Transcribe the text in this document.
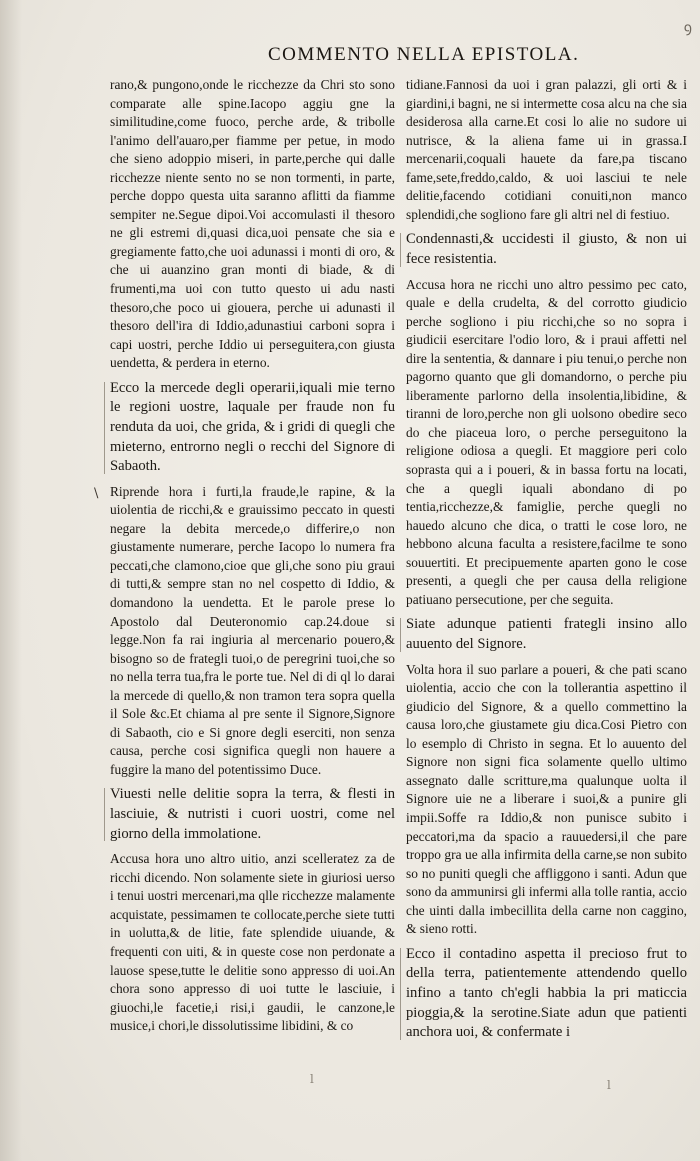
COMMENTO NELLA EPISTOLA.
ꝯ
\

rano,& pungono,onde le ricchezze da Chri sto sono comparate alle spine.Iacopo aggiu gne la similitudine,come fuoco, perche arde, & tribolle l'animo dell'auaro,per fiamme per petue, in modo che sieno adoppio miseri, in parte,perche qui dalle ricchezze niente sento no se non tormenti, in parte, perche doppo questa uita saranno aflitti da fiamme sempiter ne.Segue dipoi.Voi accomulasti il thesoro ne gli estremi di,quasi dica,uoi pensate che sia e gregiamente fatto,che uoi adunassi i monti di oro, & che ui auanzino gran monti di biade, & di frumenti,ma uoi con tutto questo ui adu nasti thesoro,che poco ui giouera, perche ui adunasti il thesoro dell'ira di Iddio,adunastiui carboni sopra i capi uostri, perche Iddio ui perseguitera,con giusta uendetta, & perdera in eterno.

Ecco la mercede degli operarii,iquali mie terno le regioni uostre, laquale per fraude non fu renduta da uoi, che grida, & i gridi di quegli che mieterno, entrorno negli o recchi del Signore di Sabaoth.

Riprende hora i furti,la fraude,le rapine, & la uiolentia de ricchi,& e grauissimo peccato in questi negare la debita mercede,o differire,o non giustamente numerare, perche Iacopo lo numera fra peccati,che clamono,cioe que gli,che sono piu graui di tutti,& sempre stan no nel cospetto di Iddio, & domandono la uendetta. Et le parole prese lo Apostolo dal Deuteronomio cap.24.doue si legge.Non fa rai ingiuria al mercenario pouero,& bisogno so de frategli tuoi,o de peregrini tuoi,che so no nella terra tua,fra le porte tue. Nel di di ql lo darai la mercede di quello,& non tramon tera sopra quella il Sole &c.Et chiama al pre sente il Signore,Signore di Sabaoth, cio e Si gnore degli eserciti, non senza causa, perche cosi significa quegli non hauere a fuggire la mano del potentissimo Duce.

Viuesti nelle delitie sopra la terra, & flesti in lasciuie, & nutristi i cuori uostri, come nel giorno della immolatione.

Accusa hora uno altro uitio, anzi scelleratez za de ricchi dicendo. Non solamente siete in giuriosi uerso i tenui uostri mercenari,ma qlle ricchezze malamente acquistate, pessimamen te collocate,perche siete tutti in uolutta,& de litie, fate splendide uiuande, & frequenti con uiti, & in queste cose non perdonate a lauose spese,tutte le delitie sono appresso di uoi.An chora sono appresso di uoi tutte le lasciuie, i giuochi,le facetie,i risi,i gaudii, le canzone,le musice,i chori,le dissolutissime libidini, & co

tidiane.Fannosi da uoi i gran palazzi, gli orti & i giardini,i bagni, ne si intermette cosa alcu na che sia desiderosa alla carne.Et cosi lo alie no sudore ui nutrisce, & la aliena fame ui in grassa.I mercenarii,coquali hauete da fare,pa tiscano fame,sete,freddo,caldo, & uoi lasciui te nele delitie,facendo cotidiani conuiti,non manco splendidi,che sogliono fare gli altri nel di festiuo.

Condennasti,& uccidesti il giusto, & non ui fece resistentia.

Accusa hora ne ricchi uno altro pessimo pec cato, quale e della crudelta, & del corrotto giudicio perche sogliono i piu ricchi,che so no sopra i giudicii esercitare l'odio loro, & i praui affetti nel dire la sententia, & dannare i piu tenui,o perche non pagorno quanto que gli domandorno, o perche piu liberamente parlorno della insolentia,libidine, & tiranni de loro,perche non gli uolsono obedire seco do che piaceua loro, o perche perseguitono la religione odiosa a quegli. Et maggiore peri colo soprasta qui a i poueri, & in bassa fortu na locati, che a quegli iquali abondano di po tentia,ricchezze,& famiglie, perche quegli no hauedo alcuno che dica, o tratti le cose loro, ne hebbono alcuna faculta a resistere,facilme te sono souuertiti. Et precipuemente aparten gono le cose presenti, a quegli che per causa della religione patiuano persecutione, per che seguita.

Siate adunque patienti frategli insino allo auuento del Signore.

Volta hora il suo parlare a poueri, & che pati scano uiolentia, accio che con la tollerantia aspettino il giudicio del Signore, & a quello commettino la causa loro,che giustamete giu dica.Cosi Pietro con lo esemplo di Christo in segna. Et lo auuento del Signore non signi fica solamente quello ultimo assegnato dalle scritture,ma qualunque uolta il Signore uie ne a liberare i suoi,& a punire gli impii.Soffe ra Iddio,& non punisce subito i peccatori,ma da spacio a rauuedersi,il che pare troppo gra ue alla infirmita della carne,se non subito so no puniti quegli che affliggono i santi. Adun que sono da ammunirsi gli infermi alla tolle rantia, accio che uinti dalla imbecillita della carne non caggino, & sieno rotti.

Ecco il contadino aspetta il precioso frut to della terra, patientemente attendendo quello infino a tanto ch'egli habbia la pri maticcia pioggia,& la serotine.Siate adun que patienti anchora uoi, & confermate i

l	l
